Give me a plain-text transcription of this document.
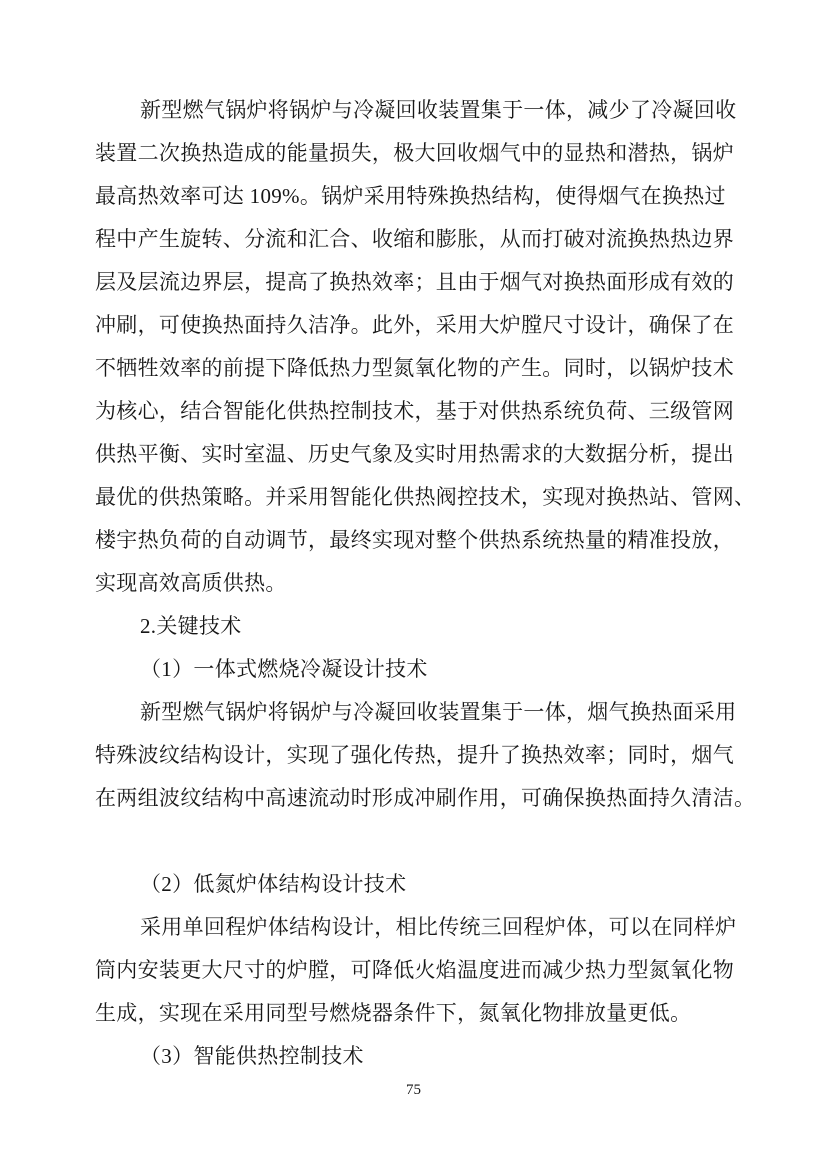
新型燃气锅炉将锅炉与冷凝回收装置集于一体，减少了冷凝回收
装置二次换热造成的能量损失，极大回收烟气中的显热和潜热，锅炉
最高热效率可达 109%。锅炉采用特殊换热结构，使得烟气在换热过
程中产生旋转、分流和汇合、收缩和膨胀，从而打破对流换热热边界
层及层流边界层，提高了换热效率；且由于烟气对换热面形成有效的
冲刷，可使换热面持久洁净。此外，采用大炉膛尺寸设计，确保了在
不牺牲效率的前提下降低热力型氮氧化物的产生。同时，以锅炉技术
为核心，结合智能化供热控制技术，基于对供热系统负荷、三级管网
供热平衡、实时室温、历史气象及实时用热需求的大数据分析，提出
最优的供热策略。并采用智能化供热阀控技术，实现对换热站、管网、
楼宇热负荷的自动调节，最终实现对整个供热系统热量的精准投放，
实现高效高质供热。
2.关键技术
（1）一体式燃烧冷凝设计技术
新型燃气锅炉将锅炉与冷凝回收装置集于一体，烟气换热面采用
特殊波纹结构设计，实现了强化传热，提升了换热效率；同时，烟气
在两组波纹结构中高速流动时形成冲刷作用，可确保换热面持久清洁。
（2）低氮炉体结构设计技术
采用单回程炉体结构设计，相比传统三回程炉体，可以在同样炉
筒内安装更大尺寸的炉膛，可降低火焰温度进而减少热力型氮氧化物
生成，实现在采用同型号燃烧器条件下，氮氧化物排放量更低。
（3）智能供热控制技术
75
